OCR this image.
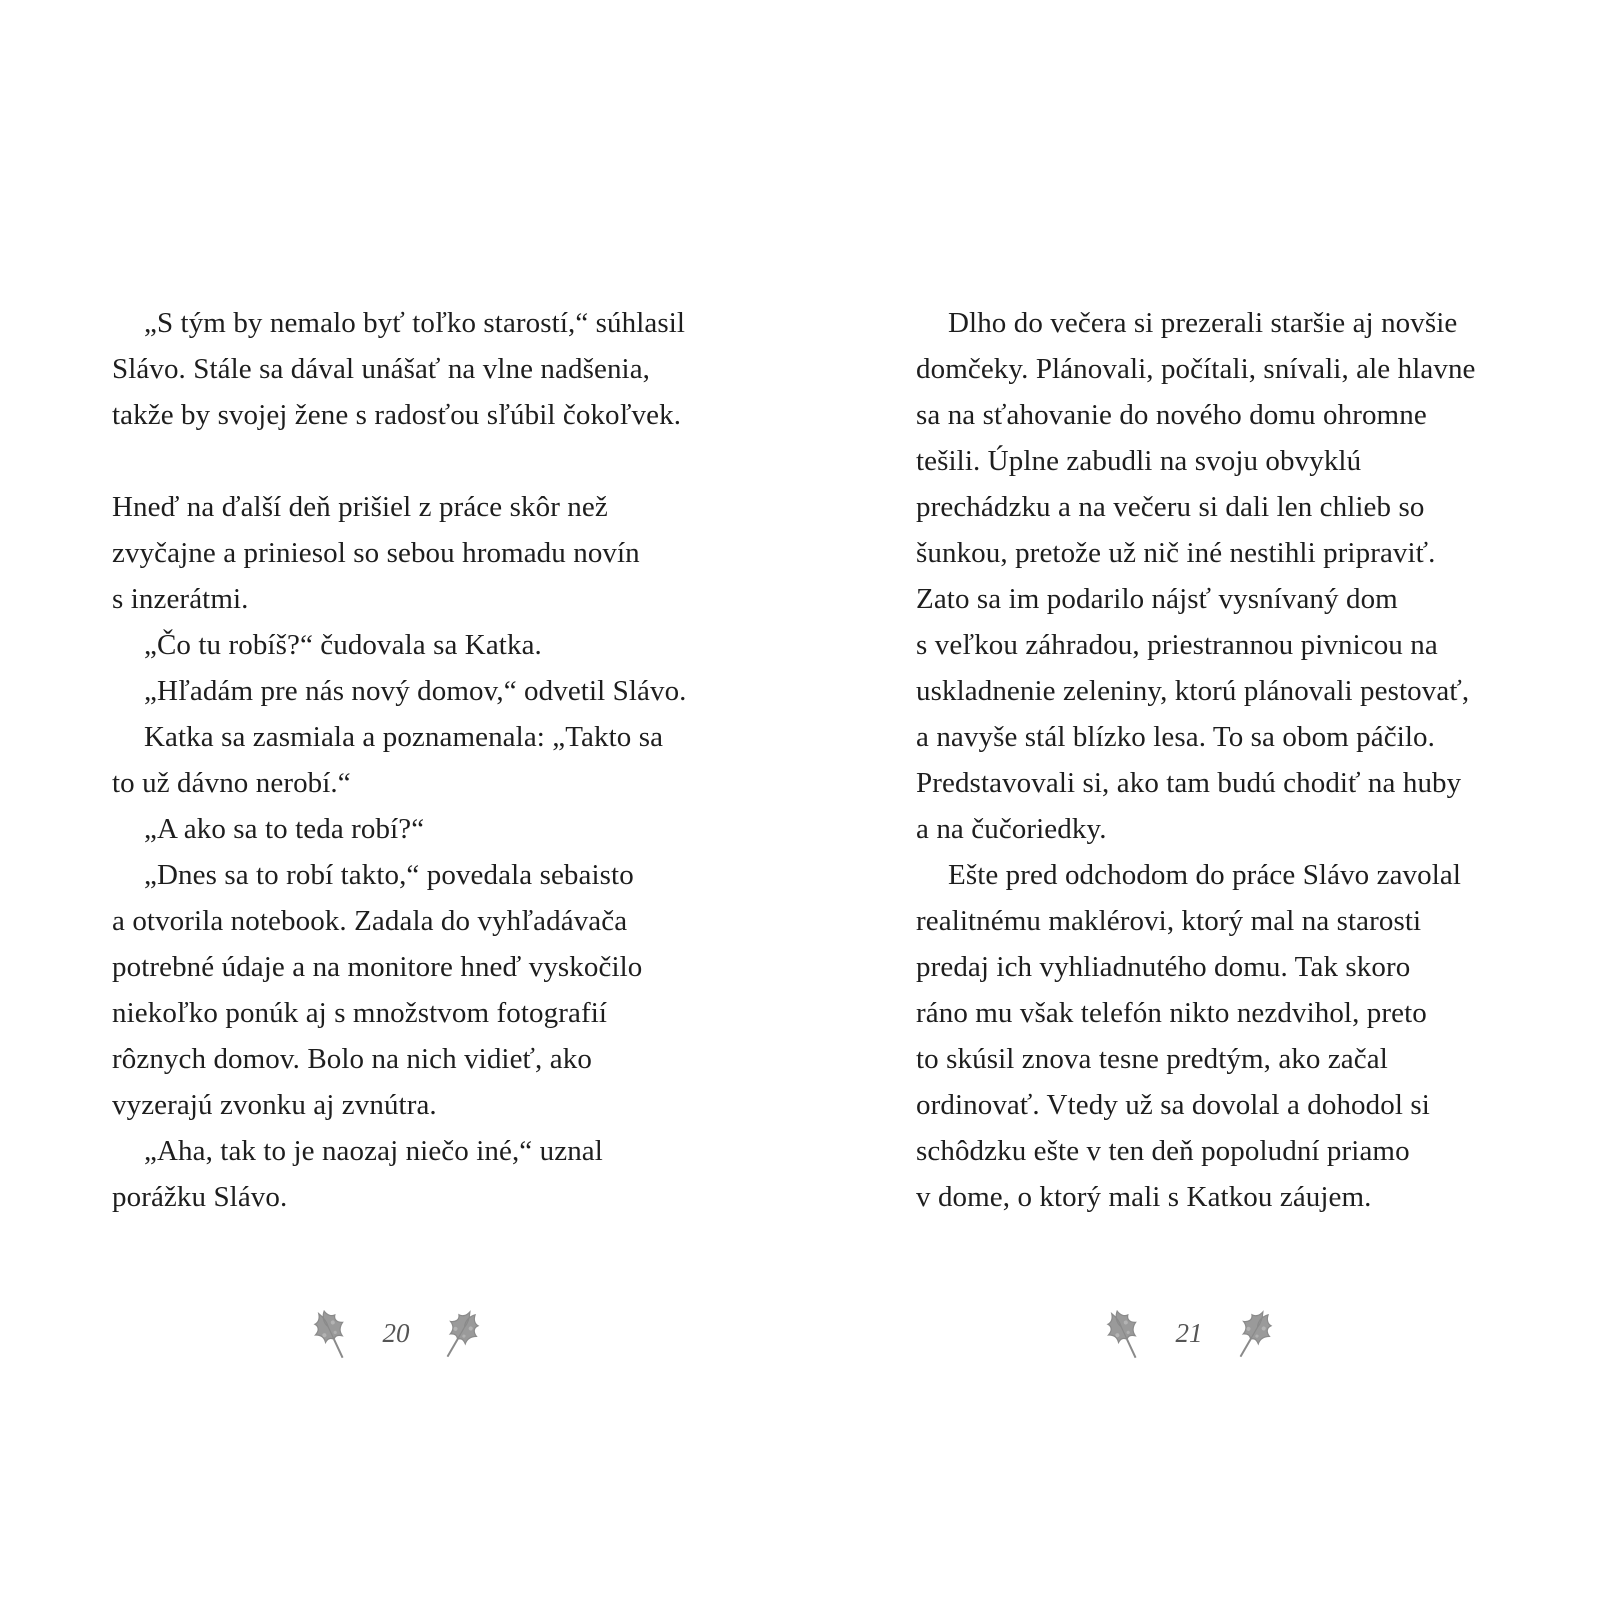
„S tým by nemalo byť toľko starostí,“ súhlasil
Slávo. Stále sa dával unášať na vlne nadšenia,
takže by svojej žene s radosťou sľúbil čokoľvek.
Hneď na ďalší deň prišiel z práce skôr než
zvyčajne a priniesol so sebou hromadu novín
s inzerátmi.
„Čo tu robíš?“ čudovala sa Katka.
„Hľadám pre nás nový domov,“ odvetil Slávo.
Katka sa zasmiala a poznamenala: „Takto sa
to už dávno nerobí.“
„A ako sa to teda robí?“
„Dnes sa to robí takto,“ povedala sebaisto
a otvorila notebook. Zadala do vyhľadávača
potrebné údaje a na monitore hneď vyskočilo
niekoľko ponúk aj s množstvom fotografií
rôznych domov. Bolo na nich vidieť, ako
vyzerajú zvonku aj zvnútra.
„Aha, tak to je naozaj niečo iné,“ uznal
porážku Slávo.
20
Dlho do večera si prezerali staršie aj novšie
domčeky. Plánovali, počítali, snívali, ale hlavne
sa na sťahovanie do nového domu ohromne
tešili. Úplne zabudli na svoju obvyklú
prechádzku a na večeru si dali len chlieb so
šunkou, pretože už nič iné nestihli pripraviť.
Zato sa im podarilo nájsť vysnívaný dom
s veľkou záhradou, priestrannou pivnicou na
uskladnenie zeleniny, ktorú plánovali pestovať,
a navyše stál blízko lesa. To sa obom páčilo.
Predstavovali si, ako tam budú chodiť na huby
a na čučoriedky.
Ešte pred odchodom do práce Slávo zavolal
realitnému maklérovi, ktorý mal na starosti
predaj ich vyhliadnutého domu. Tak skoro
ráno mu však telefón nikto nezdvihol, preto
to skúsil znova tesne predtým, ako začal
ordinovať. Vtedy už sa dovolal a dohodol si
schôdzku ešte v ten deň popoludní priamo
v dome, o ktorý mali s Katkou záujem.
21
